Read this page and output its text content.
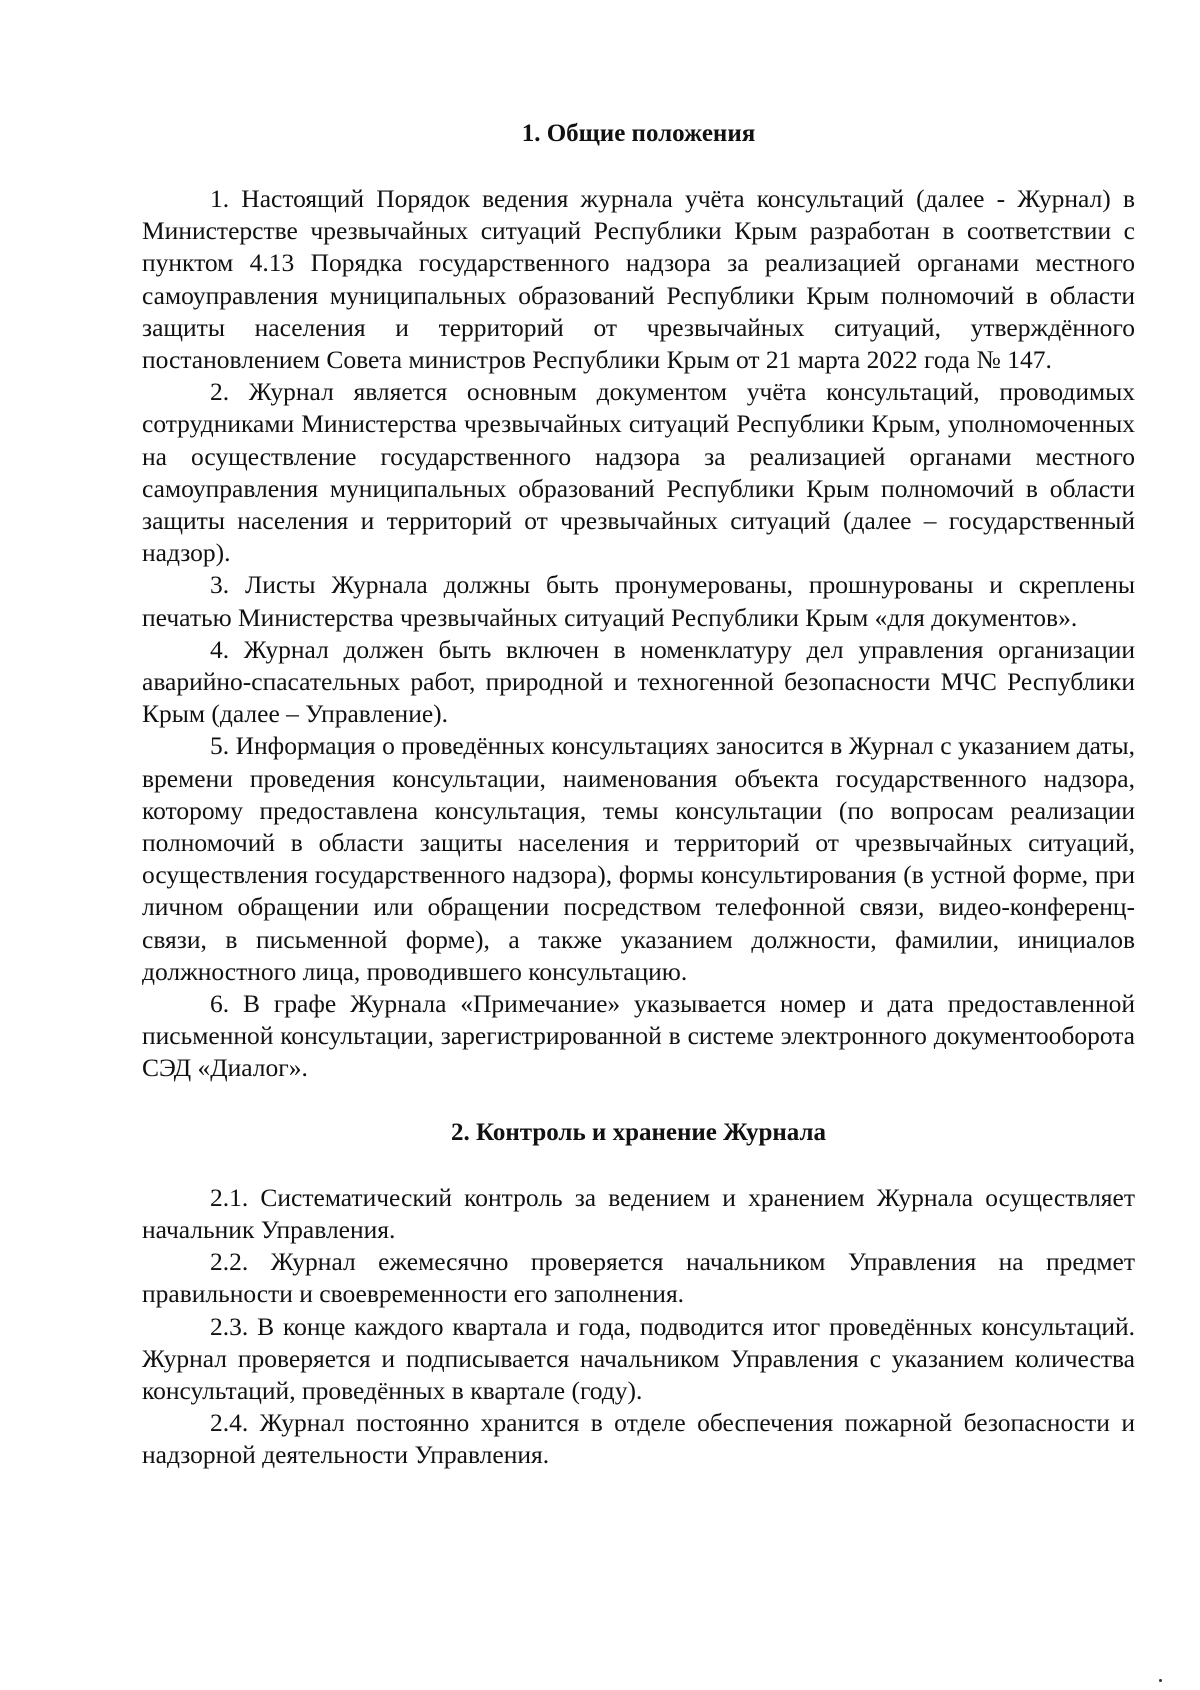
1. Общие положения

1. Настоящий Порядок ведения журнала учёта консультаций (далее - Журнал) в Министерстве чрезвычайных ситуаций Республики Крым разработан в соответствии с пунктом 4.13 Порядка государственного надзора за реализацией органами местного самоуправления муниципальных образований Республики Крым полномочий в области защиты населения и территорий от чрезвычайных ситуаций, утверждённого постановлением Совета министров Республики Крым от 21 марта 2022 года № 147.

2. Журнал является основным документом учёта консультаций, проводимых сотрудниками Министерства чрезвычайных ситуаций Республики Крым, уполномоченных на осуществление государственного надзора за реализацией органами местного самоуправления муниципальных образований Республики Крым полномочий в области защиты населения и территорий от чрезвычайных ситуаций (далее – государственный надзор).

3. Листы Журнала должны быть пронумерованы, прошнурованы и скреплены печатью Министерства чрезвычайных ситуаций Республики Крым «для документов».

4. Журнал должен быть включен в номенклатуру дел управления организации аварийно-спасательных работ, природной и техногенной безопасности МЧС Республики Крым (далее – Управление).

5. Информация о проведённых консультациях заносится в Журнал с указанием даты, времени проведения консультации, наименования объекта государственного надзора, которому предоставлена консультация, темы консультации (по вопросам реализации полномочий в области защиты населения и территорий от чрезвычайных ситуаций, осуществления государственного надзора), формы консультирования (в устной форме, при личном обращении или обращении посредством телефонной связи, видео-конференц-связи, в письменной форме), а также указанием должности, фамилии, инициалов должностного лица, проводившего консультацию.

6. В графе Журнала «Примечание» указывается номер и дата предоставленной письменной консультации, зарегистрированной в системе электронного документооборота СЭД «Диалог».

2. Контроль и хранение Журнала

2.1. Систематический контроль за ведением и хранением Журнала осуществляет начальник Управления.

2.2. Журнал ежемесячно проверяется начальником Управления на предмет правильности и своевременности его заполнения.

2.3. В конце каждого квартала и года, подводится итог проведённых консультаций. Журнал проверяется и подписывается начальником Управления с указанием количества консультаций, проведённых в квартале (году).

2.4. Журнал постоянно хранится в отделе обеспечения пожарной безопасности и надзорной деятельности Управления.
